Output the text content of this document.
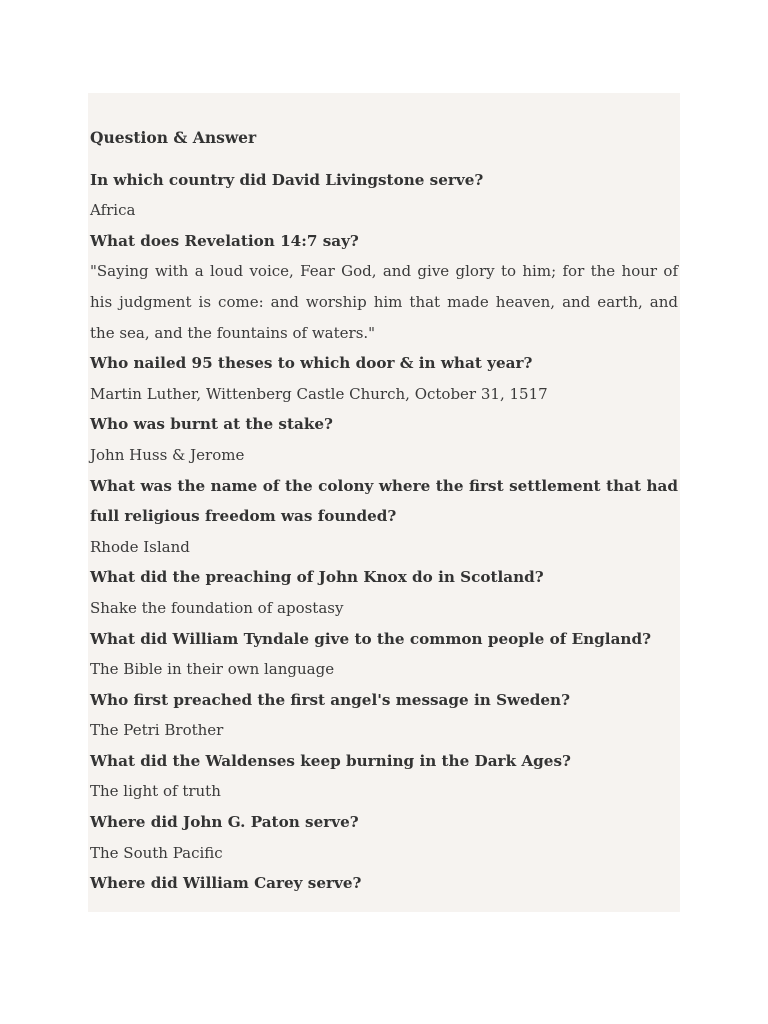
Question & Answer
In which country did David Livingstone serve?
Africa
What does Revelation 14:7 say?
"Saying with a loud voice, Fear God, and give glory to him; for the hour of his judgment is come: and worship him that made heaven, and earth, and the sea, and the fountains of waters."
Who nailed 95 theses to which door & in what year?
Martin Luther, Wittenberg Castle Church, October 31, 1517
Who was burnt at the stake?
John Huss & Jerome
What was the name of the colony where the first settlement that had full religious freedom was founded?
Rhode Island
What did the preaching of John Knox do in Scotland?
Shake the foundation of apostasy
What did William Tyndale give to the common people of England?
The Bible in their own language
Who first preached the first angel's message in Sweden?
The Petri Brother
What did the Waldenses keep burning in the Dark Ages?
The light of truth
Where did John G. Paton serve?
The South Pacific
Where did William Carey serve?
